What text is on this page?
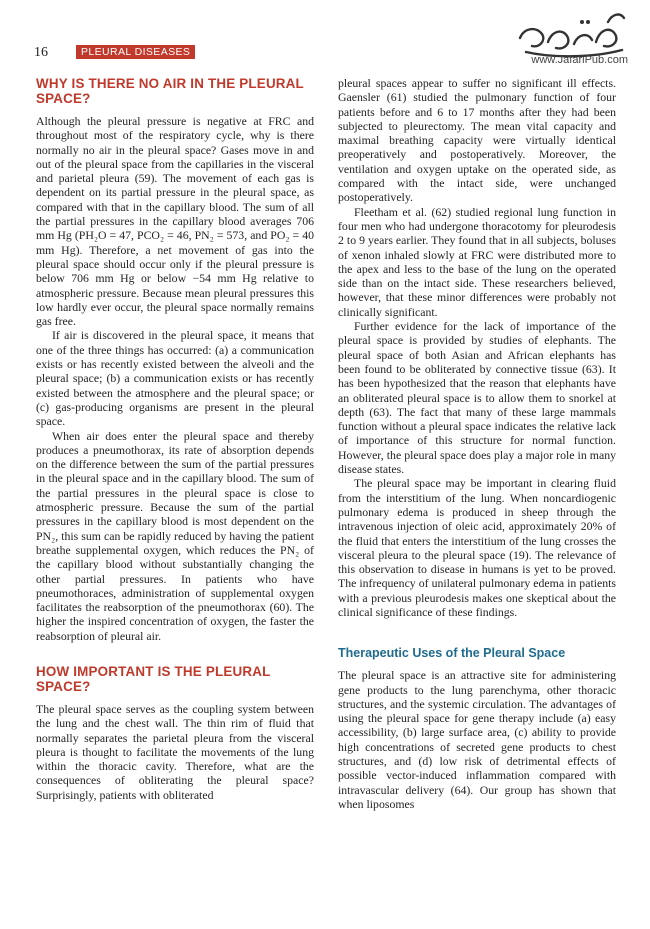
16	PLEURAL DISEASES
www.JafariPub.com
WHY IS THERE NO AIR IN THE PLEURAL SPACE?

Although the pleural pressure is negative at FRC and throughout most of the respiratory cycle, why is there normally no air in the pleural space? Gases move in and out of the pleural space from the capillaries in the visceral and parietal pleura (59). The movement of each gas is dependent on its partial pressure in the pleural space, as compared with that in the capillary blood. The sum of all the partial pressures in the capillary blood averages 706 mm Hg (PH₂O = 47, PCO₂ = 46, PN₂ = 573, and PO₂ = 40 mm Hg). Therefore, a net movement of gas into the pleural space should occur only if the pleural pressure is below 706 mm Hg or below −54 mm Hg relative to atmospheric pressure. Because mean pleural pressures this low hardly ever occur, the pleural space normally remains gas free.

If air is discovered in the pleural space, it means that one of the three things has occurred: (a) a communication exists or has recently existed between the alveoli and the pleural space; (b) a communication exists or has recently existed between the atmosphere and the pleural space; or (c) gas-producing organisms are present in the pleural space.

When air does enter the pleural space and thereby produces a pneumothorax, its rate of absorption depends on the difference between the sum of the partial pressures in the pleural space and in the capillary blood. The sum of the partial pressures in the pleural space is close to atmospheric pressure. Because the sum of the partial pressures in the capillary blood is most dependent on the PN₂, this sum can be rapidly reduced by having the patient breathe supplemental oxygen, which reduces the PN₂ of the capillary blood without substantially changing the other partial pressures. In patients who have pneumothoraces, administration of supplemental oxygen facilitates the reabsorption of the pneumothorax (60). The higher the inspired concentration of oxygen, the faster the reabsorption of pleural air.

HOW IMPORTANT IS THE PLEURAL SPACE?

The pleural space serves as the coupling system between the lung and the chest wall. The thin rim of fluid that normally separates the parietal pleura from the visceral pleura is thought to facilitate the movements of the lung within the thoracic cavity. Therefore, what are the consequences of obliterating the pleural space? Surprisingly, patients with obliterated

pleural spaces appear to suffer no significant ill effects. Gaensler (61) studied the pulmonary function of four patients before and 6 to 17 months after they had been subjected to pleurectomy. The mean vital capacity and maximal breathing capacity were virtually identical preoperatively and postoperatively. Moreover, the ventilation and oxygen uptake on the operated side, as compared with the intact side, were unchanged postoperatively.

Fleetham et al. (62) studied regional lung function in four men who had undergone thoracotomy for pleurodesis 2 to 9 years earlier. They found that in all subjects, boluses of xenon inhaled slowly at FRC were distributed more to the apex and less to the base of the lung on the operated side than on the intact side. These researchers believed, however, that these minor differences were probably not clinically significant.

Further evidence for the lack of importance of the pleural space is provided by studies of elephants. The pleural space of both Asian and African elephants has been found to be obliterated by connective tissue (63). It has been hypothesized that the reason that elephants have an obliterated pleural space is to allow them to snorkel at depth (63). The fact that many of these large mammals function without a pleural space indicates the relative lack of importance of this structure for normal function. However, the pleural space does play a major role in many disease states.

The pleural space may be important in clearing fluid from the interstitium of the lung. When noncardiogenic pulmonary edema is produced in sheep through the intravenous injection of oleic acid, approximately 20% of the fluid that enters the interstitium of the lung crosses the visceral pleura to the pleural space (19). The relevance of this observation to disease in humans is yet to be proved. The infrequency of unilateral pulmonary edema in patients with a previous pleurodesis makes one skeptical about the clinical significance of these findings.

Therapeutic Uses of the Pleural Space

The pleural space is an attractive site for administering gene products to the lung parenchyma, other thoracic structures, and the systemic circulation. The advantages of using the pleural space for gene therapy include (a) easy accessibility, (b) large surface area, (c) ability to provide high concentrations of secreted gene products to chest structures, and (d) low risk of detrimental effects of possible vector-induced inflammation compared with intravascular delivery (64). Our group has shown that when liposomes
